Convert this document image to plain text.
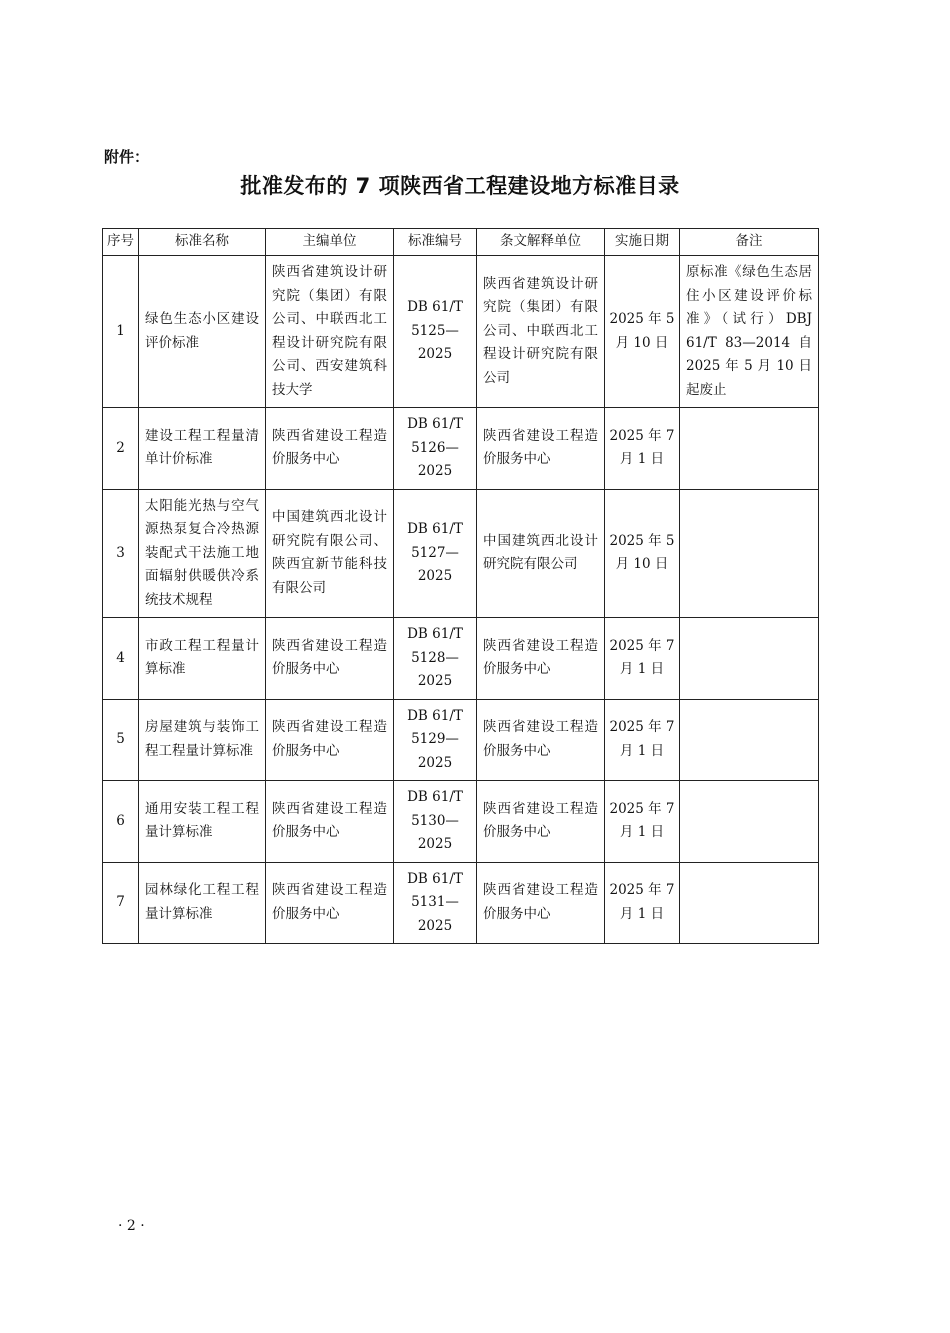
附件：
批准发布的 7 项陕西省工程建设地方标准目录
序号	标准名称	主编单位	标准编号	条文解释单位	实施日期	备注
1	绿色生态小区建设评价标准	陕西省建筑设计研究院（集团）有限公司、中联西北工程设计研究院有限公司、西安建筑科技大学	DB 61/T 5125—2025	陕西省建筑设计研究院（集团）有限公司、中联西北工程设计研究院有限公司	2025 年 5 月 10 日	原标准《绿色生态居住小区建设评价标准》（试行）DBJ 61/T 83—2014 自 2025 年 5 月 10 日起废止
2	建设工程工程量清单计价标准	陕西省建设工程造价服务中心	DB 61/T 5126—2025	陕西省建设工程造价服务中心	2025 年 7 月 1 日	
3	太阳能光热与空气源热泵复合冷热源装配式干法施工地面辐射供暖供冷系统技术规程	中国建筑西北设计研究院有限公司、陕西宜新节能科技有限公司	DB 61/T 5127—2025	中国建筑西北设计研究院有限公司	2025 年 5 月 10 日	
4	市政工程工程量计算标准	陕西省建设工程造价服务中心	DB 61/T 5128—2025	陕西省建设工程造价服务中心	2025 年 7 月 1 日	
5	房屋建筑与装饰工程工程量计算标准	陕西省建设工程造价服务中心	DB 61/T 5129—2025	陕西省建设工程造价服务中心	2025 年 7 月 1 日	
6	通用安装工程工程量计算标准	陕西省建设工程造价服务中心	DB 61/T 5130—2025	陕西省建设工程造价服务中心	2025 年 7 月 1 日	
7	园林绿化工程工程量计算标准	陕西省建设工程造价服务中心	DB 61/T 5131—2025	陕西省建设工程造价服务中心	2025 年 7 月 1 日	
· 2 ·
